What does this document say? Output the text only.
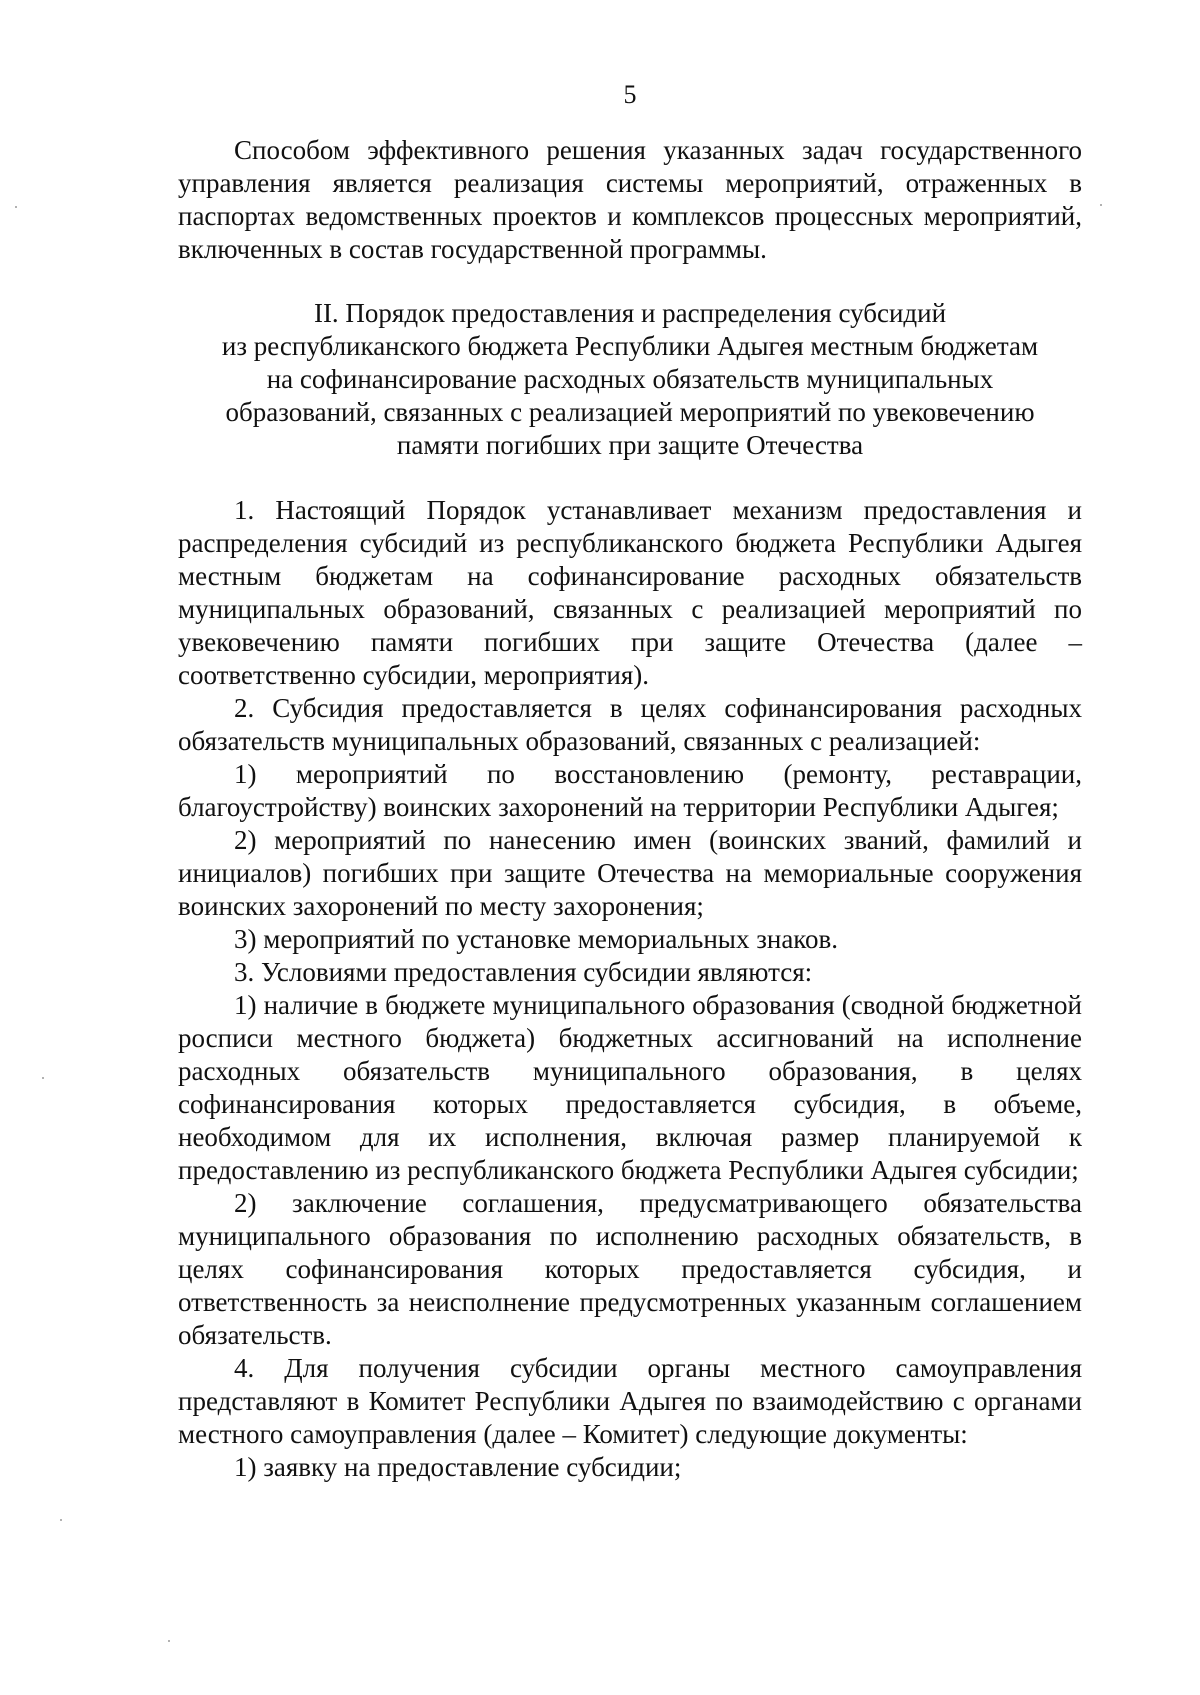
5

Способом эффективного решения указанных задач государственного управления является реализация системы мероприятий, отраженных в паспортах ведомственных проектов и комплексов процессных мероприятий, включенных в состав государственной программы.

II. Порядок предоставления и распределения субсидий
из республиканского бюджета Республики Адыгея местным бюджетам
на софинансирование расходных обязательств муниципальных
образований, связанных с реализацией мероприятий по увековечению
памяти погибших при защите Отечества

1. Настоящий Порядок устанавливает механизм предоставления и распределения субсидий из республиканского бюджета Республики Адыгея местным бюджетам на софинансирование расходных обязательств муниципальных образований, связанных с реализацией мероприятий по увековечению памяти погибших при защите Отечества (далее – соответственно субсидии, мероприятия).

2. Субсидия предоставляется в целях софинансирования расходных обязательств муниципальных образований, связанных с реализацией:

1) мероприятий по восстановлению (ремонту, реставрации, благоустройству) воинских захоронений на территории Республики Адыгея;

2) мероприятий по нанесению имен (воинских званий, фамилий и инициалов) погибших при защите Отечества на мемориальные сооружения воинских захоронений по месту захоронения;

3) мероприятий по установке мемориальных знаков.

3. Условиями предоставления субсидии являются:

1) наличие в бюджете муниципального образования (сводной бюджетной росписи местного бюджета) бюджетных ассигнований на исполнение расходных обязательств муниципального образования, в целях софинансирования которых предоставляется субсидия, в объеме, необходимом для их исполнения, включая размер планируемой к предоставлению из республиканского бюджета Республики Адыгея субсидии;

2) заключение соглашения, предусматривающего обязательства муниципального образования по исполнению расходных обязательств, в целях софинансирования которых предоставляется субсидия, и ответственность за неисполнение предусмотренных указанным соглашением обязательств.

4. Для получения субсидии органы местного самоуправления представляют в Комитет Республики Адыгея по взаимодействию с органами местного самоуправления (далее – Комитет) следующие документы:

1) заявку на предоставление субсидии;
